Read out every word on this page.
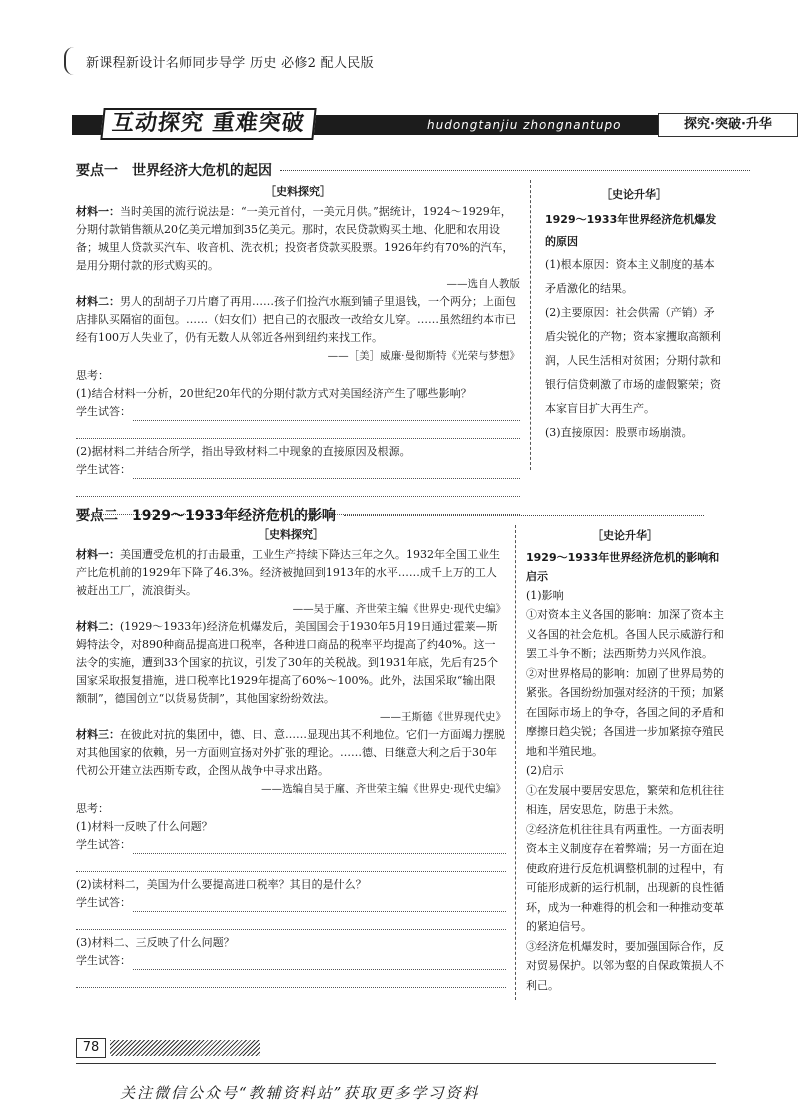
新课程新设计名师同步导学 历史 必修2 配人民版
互动探究 重难突破	hudongtanjiu zhongnantupo	探究·突破·升华
要点一　世界经济大危机的起因
［史料探究］

材料一：当时美国的流行说法是：“一美元首付，一美元月供。”据统计，1924～1929年，分期付款销售额从20亿美元增加到35亿美元。那时，农民贷款购买土地、化肥和农用设备；城里人贷款买汽车、收音机、洗衣机；投资者贷款买股票。1926年约有70%的汽车，是用分期付款的形式购买的。

——选自人教版

材料二：男人的刮胡子刀片磨了再用……孩子们捡汽水瓶到铺子里退钱，一个两分；上面包店排队买隔宿的面包。……（妇女们）把自己的衣服改一改给女儿穿。……虽然纽约本市已经有100万人失业了，仍有无数人从邻近各州到纽约来找工作。

——［美］威廉·曼彻斯特《光荣与梦想》
思考：
(1)结合材料一分析，20世纪20年代的分期付款方式对美国经济产生了哪些影响？
学生试答：
(2)据材料二并结合所学，指出导致材料二中现象的直接原因及根源。
学生试答：
［史论升华］
1929～1933年世界经济危机爆发的原因

(1)根本原因：资本主义制度的基本矛盾激化的结果。

(2)主要原因：社会供需（产销）矛盾尖锐化的产物；资本家攫取高额利润，人民生活相对贫困；分期付款和银行信贷刺激了市场的虚假繁荣；资本家盲目扩大再生产。

(3)直接原因：股票市场崩溃。

要点二　1929～1933年经济危机的影响
［史料探究］

材料一：美国遭受危机的打击最重，工业生产持续下降达三年之久。1932年全国工业生产比危机前的1929年下降了46.3%。经济被抛回到1913年的水平……成千上万的工人被赶出工厂，流浪街头。

——吴于廑、齐世荣主编《世界史·现代史编》

材料二：(1929～1933年)经济危机爆发后，美国国会于1930年5月19日通过霍莱—斯姆特法令，对890种商品提高进口税率，各种进口商品的税率平均提高了约40%。这一法令的实施，遭到33个国家的抗议，引发了30年的关税战。到1931年底，先后有25个国家采取报复措施，进口税率比1929年提高了60%～100%。此外，法国采取“输出限额制”，德国创立“以货易货制”，其他国家纷纷效法。

——王斯德《世界现代史》

材料三：在彼此对抗的集团中，德、日、意……显现出其不利地位。它们一方面竭力摆脱对其他国家的依赖，另一方面则宣扬对外扩张的理论。……德、日继意大利之后于30年代初公开建立法西斯专政，企图从战争中寻求出路。

——选编自吴于廑、齐世荣主编《世界史·现代史编》
思考：
(1)材料一反映了什么问题？
学生试答：
(2)读材料二，美国为什么要提高进口税率？其目的是什么？
学生试答：
(3)材料二、三反映了什么问题？
学生试答：
［史论升华］
1929～1933年世界经济危机的影响和启示

(1)影响

①对资本主义各国的影响：加深了资本主义各国的社会危机。各国人民示威游行和罢工斗争不断；法西斯势力兴风作浪。

②对世界格局的影响：加剧了世界局势的紧张。各国纷纷加强对经济的干预；加紧在国际市场上的争夺，各国之间的矛盾和摩擦日趋尖锐；各国进一步加紧掠夺殖民地和半殖民地。

(2)启示

①在发展中要居安思危，繁荣和危机往往相连，居安思危，防患于未然。

②经济危机往往具有两重性。一方面表明资本主义制度存在着弊端；另一方面在迫使政府进行反危机调整机制的过程中，有可能形成新的运行机制，出现新的良性循环，成为一种难得的机会和一种推动变革的紧迫信号。

③经济危机爆发时，要加强国际合作，反对贸易保护。以邻为壑的自保政策损人不利己。

78
关注微信公众号“教辅资料站”获取更多学习资料
